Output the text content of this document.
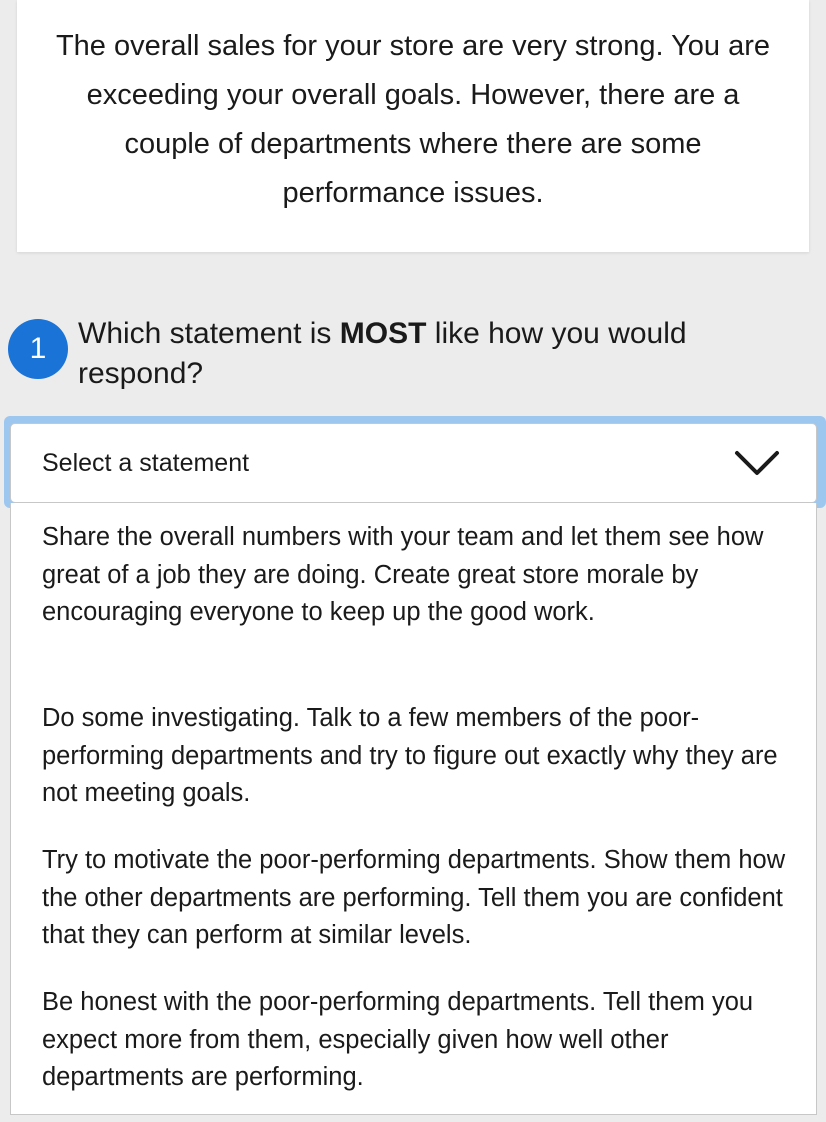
The overall sales for your store are very strong. You are exceeding your overall goals. However, there are a couple of departments where there are some performance issues.

1	Which statement is MOST like how you would respond?
Select a statement
Share the overall numbers with your team and let them see how great of a job they are doing. Create great store morale by encouraging everyone to keep up the good work.
Do some investigating. Talk to a few members of the poor-performing departments and try to figure out exactly why they are not meeting goals.
Try to motivate the poor-performing departments. Show them how the other departments are performing. Tell them you are confident that they can perform at similar levels.
Be honest with the poor-performing departments. Tell them you expect more from them, especially given how well other departments are performing.
